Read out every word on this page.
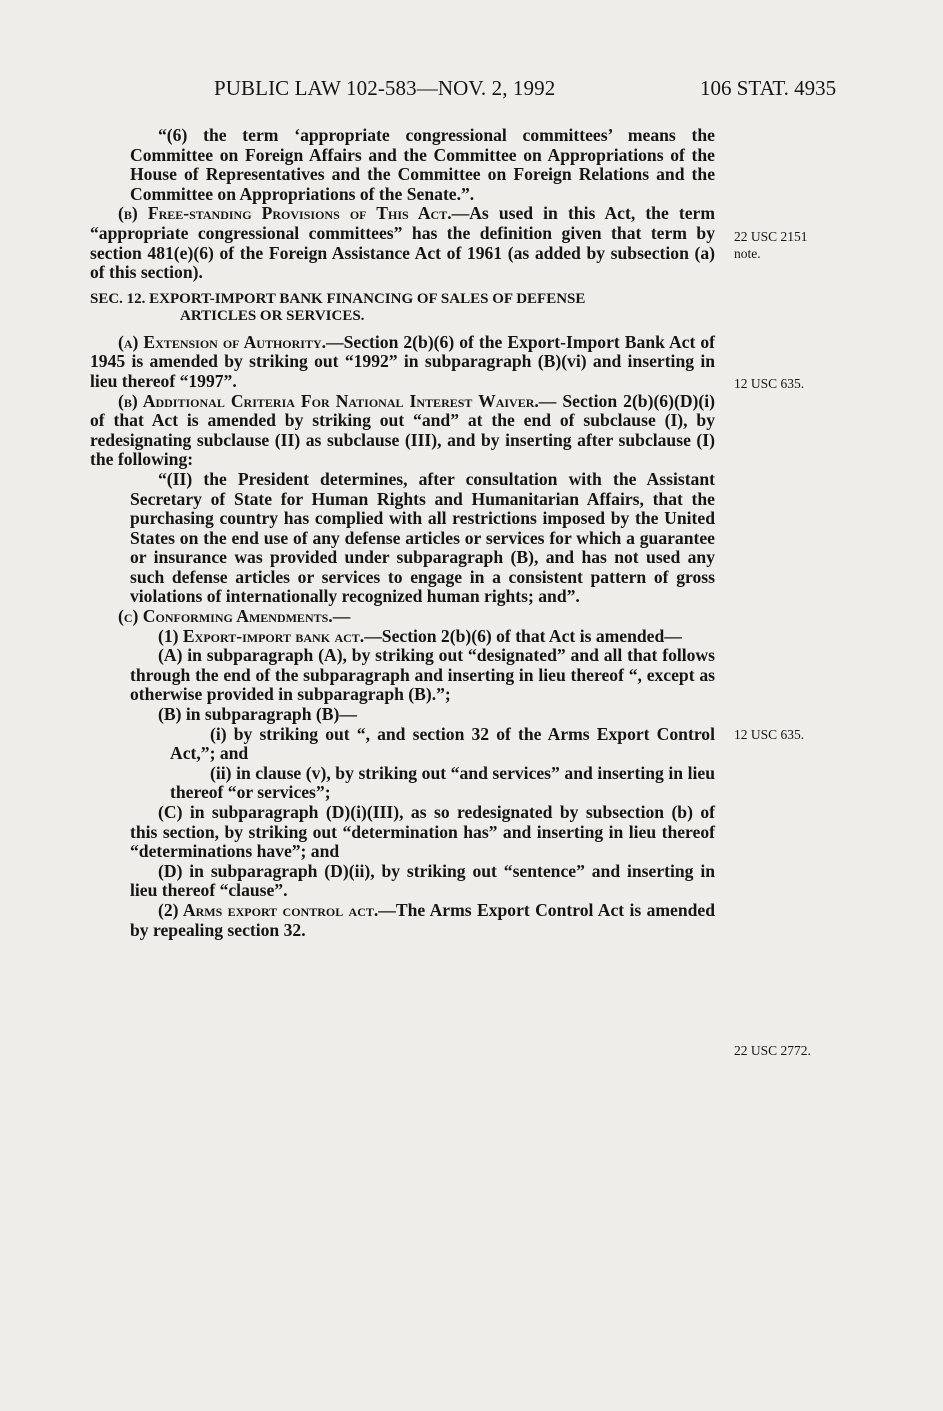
PUBLIC LAW 102-583—NOV. 2, 1992	106 STAT. 4935

“(6) the term ‘appropriate congressional committees’ means the Committee on Foreign Affairs and the Committee on Appropriations of the House of Representatives and the Committee on Foreign Relations and the Committee on Appropriations of the Senate.”.

(b) Free-standing Provisions of This Act.—As used in this Act, the term “appropriate congressional committees” has the definition given that term by section 481(e)(6) of the Foreign Assistance Act of 1961 (as added by subsection (a) of this section).

SEC. 12. EXPORT-IMPORT BANK FINANCING OF SALES OF DEFENSE
ARTICLES OR SERVICES.

(a) Extension of Authority.—Section 2(b)(6) of the Export-Import Bank Act of 1945 is amended by striking out “1992” in subparagraph (B)(vi) and inserting in lieu thereof “1997”.

(b) Additional Criteria For National Interest Waiver.— Section 2(b)(6)(D)(i) of that Act is amended by striking out “and” at the end of subclause (I), by redesignating subclause (II) as subclause (III), and by inserting after subclause (I) the following:

“(II) the President determines, after consultation with the Assistant Secretary of State for Human Rights and Humanitarian Affairs, that the purchasing country has complied with all restrictions imposed by the United States on the end use of any defense articles or services for which a guarantee or insurance was provided under subparagraph (B), and has not used any such defense articles or services to engage in a consistent pattern of gross violations of internationally recognized human rights; and”.

(c) Conforming Amendments.—

(1) Export-import bank act.—Section 2(b)(6) of that Act is amended—

(A) in subparagraph (A), by striking out “designated” and all that follows through the end of the subparagraph and inserting in lieu thereof “, except as otherwise provided in subparagraph (B).”;

(B) in subparagraph (B)—

(i) by striking out “, and section 32 of the Arms Export Control Act,”; and

(ii) in clause (v), by striking out “and services” and inserting in lieu thereof “or services”;

(C) in subparagraph (D)(i)(III), as so redesignated by subsection (b) of this section, by striking out “determination has” and inserting in lieu thereof “determinations have”; and

(D) in subparagraph (D)(ii), by striking out “sentence” and inserting in lieu thereof “clause”.

(2) Arms export control act.—The Arms Export Control Act is amended by repealing section 32.

22 USC 2151
note.
12 USC 635.
12 USC 635.
22 USC 2772.
